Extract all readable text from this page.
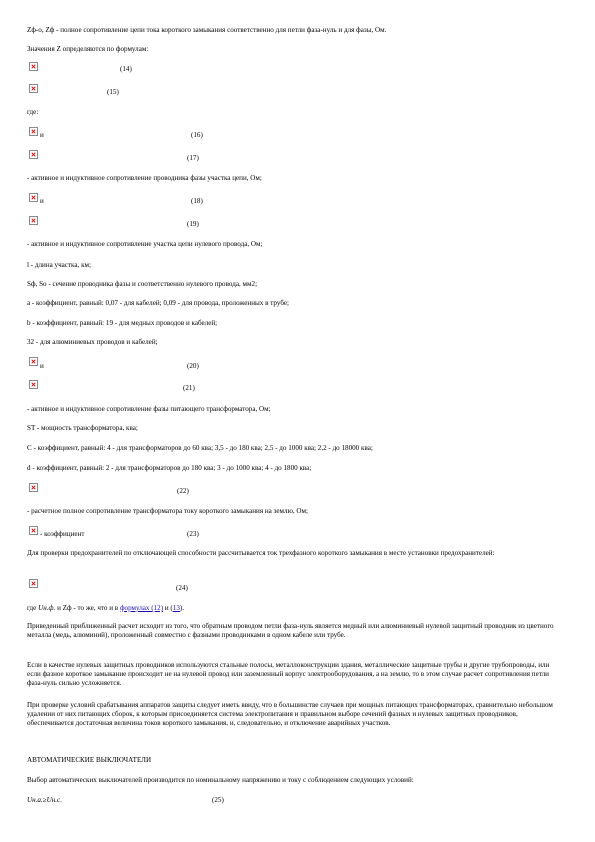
Zф-о, Zф - полное сопротивление цепи тока короткого замыкания соответственно для петли фаза-нуль и для фазы, Ом.
Значения Z определяются по формулам:
(14)
(15)
где:
и	(16)
(17)
- активное и индуктивное сопротивление проводника фазы участка цепи, Ом;
и	(18)
(19)
- активное и индуктивное сопротивление участка цепи нулевого провода, Ом;
l - длина участка, км;
Sф, So - сечение проводника фазы и соответственно нулевого провода, мм2;
a - коэффициент, равный: 0,07 - для кабелей; 0,09 - для провода, проложенных в трубе;
b - коэффициент, равный: 19 - для медных проводов и кабелей;
32 - для алюминиевых проводов и кабелей;
и	(20)
(21)
- активное и индуктивное сопротивление фазы питающего трансформатора, Ом;
ST - мощность трансформатора, ква;
C - коэффициент, равный: 4 - для трансформаторов до 60 ква; 3,5 - до 180 ква; 2,5 - до 1000 ква; 2,2 - до 18000 ква;
d - коэффициент, равный: 2 - для трансформаторов до 180 ква; 3 - до 1000 ква; 4 - до 1800 ква;
(22)
- расчетное полное сопротивление трансформатора току короткого замыкания на землю, Ом;
- коэффициент	(23)
Для проверки предохранителей по отключающей способности рассчитывается ток трехфазного короткого замыкания в месте установки предохранителей:
(24)
где Uн.ф. и Zф - то же, что и в формулах (12) и (13).
Приведенный приближенный расчет исходит из того, что обратным проводом петли фаза-нуль является медный или алюминиевый нулевой защитный проводник из цветного металла (медь, алюминий), проложенный совместно с фазными проводниками в одном кабеле или трубе.
Если в качестве нулевых защитных проводников используются стальные полосы, металлоконструкции здания, металлические защитные трубы и другие трубопроводы, или если фазное короткое замыкание происходит не на нулевой провод или заземленный корпус электрооборудования, а на землю, то в этом случае расчет сопротивления петли фаза-нуль сильно усложняется.
При проверке условий срабатывания аппаратов защиты следует иметь ввиду, что в большинстве случаев при мощных питающих трансформаторах, сравнительно небольшом удалении от них питающих сборок, к которым присоединяется система электропитания и правильном выборе сечений фазных и нулевых защитных проводников, обеспечивается достаточная величина токов короткого замыкания, и, следовательно, и отключение аварийных участков.
АВТОМАТИЧЕСКИЕ ВЫКЛЮЧАТЕЛИ
Выбор автоматических выключателей производится по номинальному напряжению и току с соблюдением следующих условий:
Uн.а.≥Uн.с.	(25)
